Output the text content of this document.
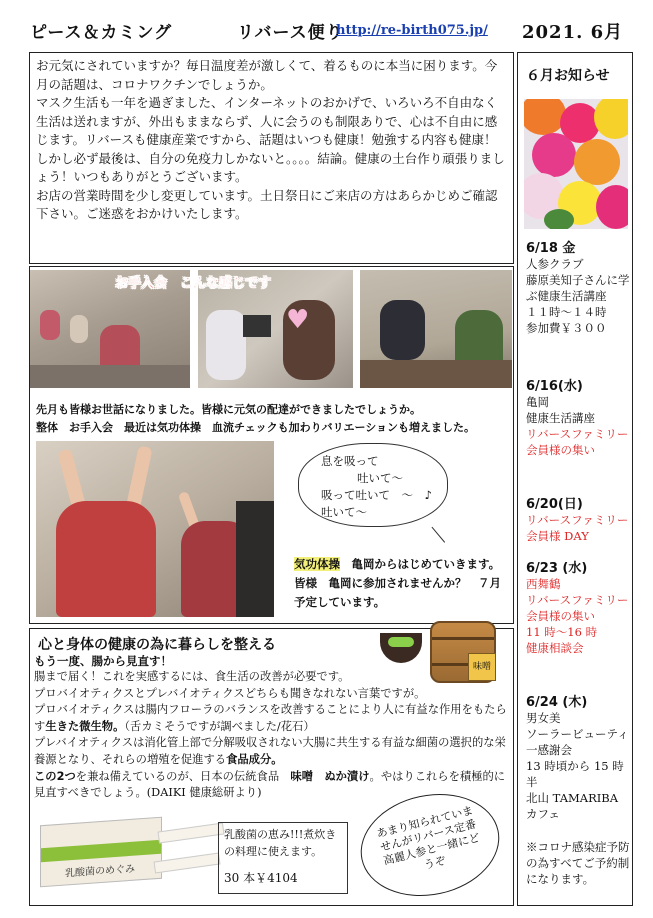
ピース＆カミング	リバース便り
http://re-birth075.jp/ 2021. 6月

お元気にされていますか？毎日温度差が激しくて、着るものに本当に困ります。今月の話題は、コロナワクチンでしょうか。

マスク生活も一年を過ぎました、インターネットのおかげで、いろいろ不自由なく生活は送れますが、外出もままならず、人に会うのも制限ありで、心は不自由に感じます。リバースも健康産業ですから、話題はいつも健康！勉強する内容も健康！しかし必ず最後は、自分の免疫力しかないと。。。。結論。健康の土台作り頑張りましょう！いつもありがとうございます。

お店の営業時間を少し変更しています。土日祭日にご来店の方はあらかじめご確認下さい。ご迷惑をおかけいたします。

♥
お手入会　こんな感じです
先月も皆様お世話になりました。皆様に元気の配達ができましたでしょうか。
整体　お手入会　最近は気功体操　血流チェックも加わりバリエーションも増えました。
息を吸って
吐いて～
吸って吐いて　～　♪
吐いて～
気功体操　 亀岡からはじめていきます。皆様　亀岡に参加されませんか？　７月予定しています。
心と身体の健康の為に暮らしを整える
もう一度、腸から見直す！	味噌
腸まで届く！これを実感するには、食生活の改善が必要です。
プロバイオティクスとプレバイオティクスどちらも聞きなれない言葉ですが。
プロバイオティクスは腸内フローラのバランスを改善することにより人に有益な作用をもたらす生きた微生物。（舌カミそうですが調べました/花石）
プレバイオティクスは消化管上部で分解吸収されない大腸に共生する有益な細菌の選択的な栄養源となり、それらの増殖を促進する食品成分。
この2つを兼ね備えているのが、日本の伝統食品　味噌　ぬか漬け。やはりこれらを積極的に見直すべきでしょう。(DAIKI 健康総研より)
乳酸菌のめぐみ
乳酸菌の恵み!!!煮炊きの料理に使えます。
30 本￥4104
あまり知られていませんがリバース定番高麗人参と一緒にどうぞ
６月お知らせ
6/18 金
人参クラブ
藤原美知子さんに学ぶ健康生活講座
１１時～１４時
参加費￥３００
6/16(水)
亀岡
健康生活講座
リバースファミリー会員様の集い
6/20(日)
リバースファミリー会員様 DAY
6/23 (水)
西舞鶴
リバースファミリー会員様の集い
11 時～16 時
健康相談会
6/24 (木)
男女美
ソーラービューティ一感謝会
13 時頃から 15 時半
北山 TAMARIBA カフェ
※コロナ感染症予防の為すべてご予約制になります。
